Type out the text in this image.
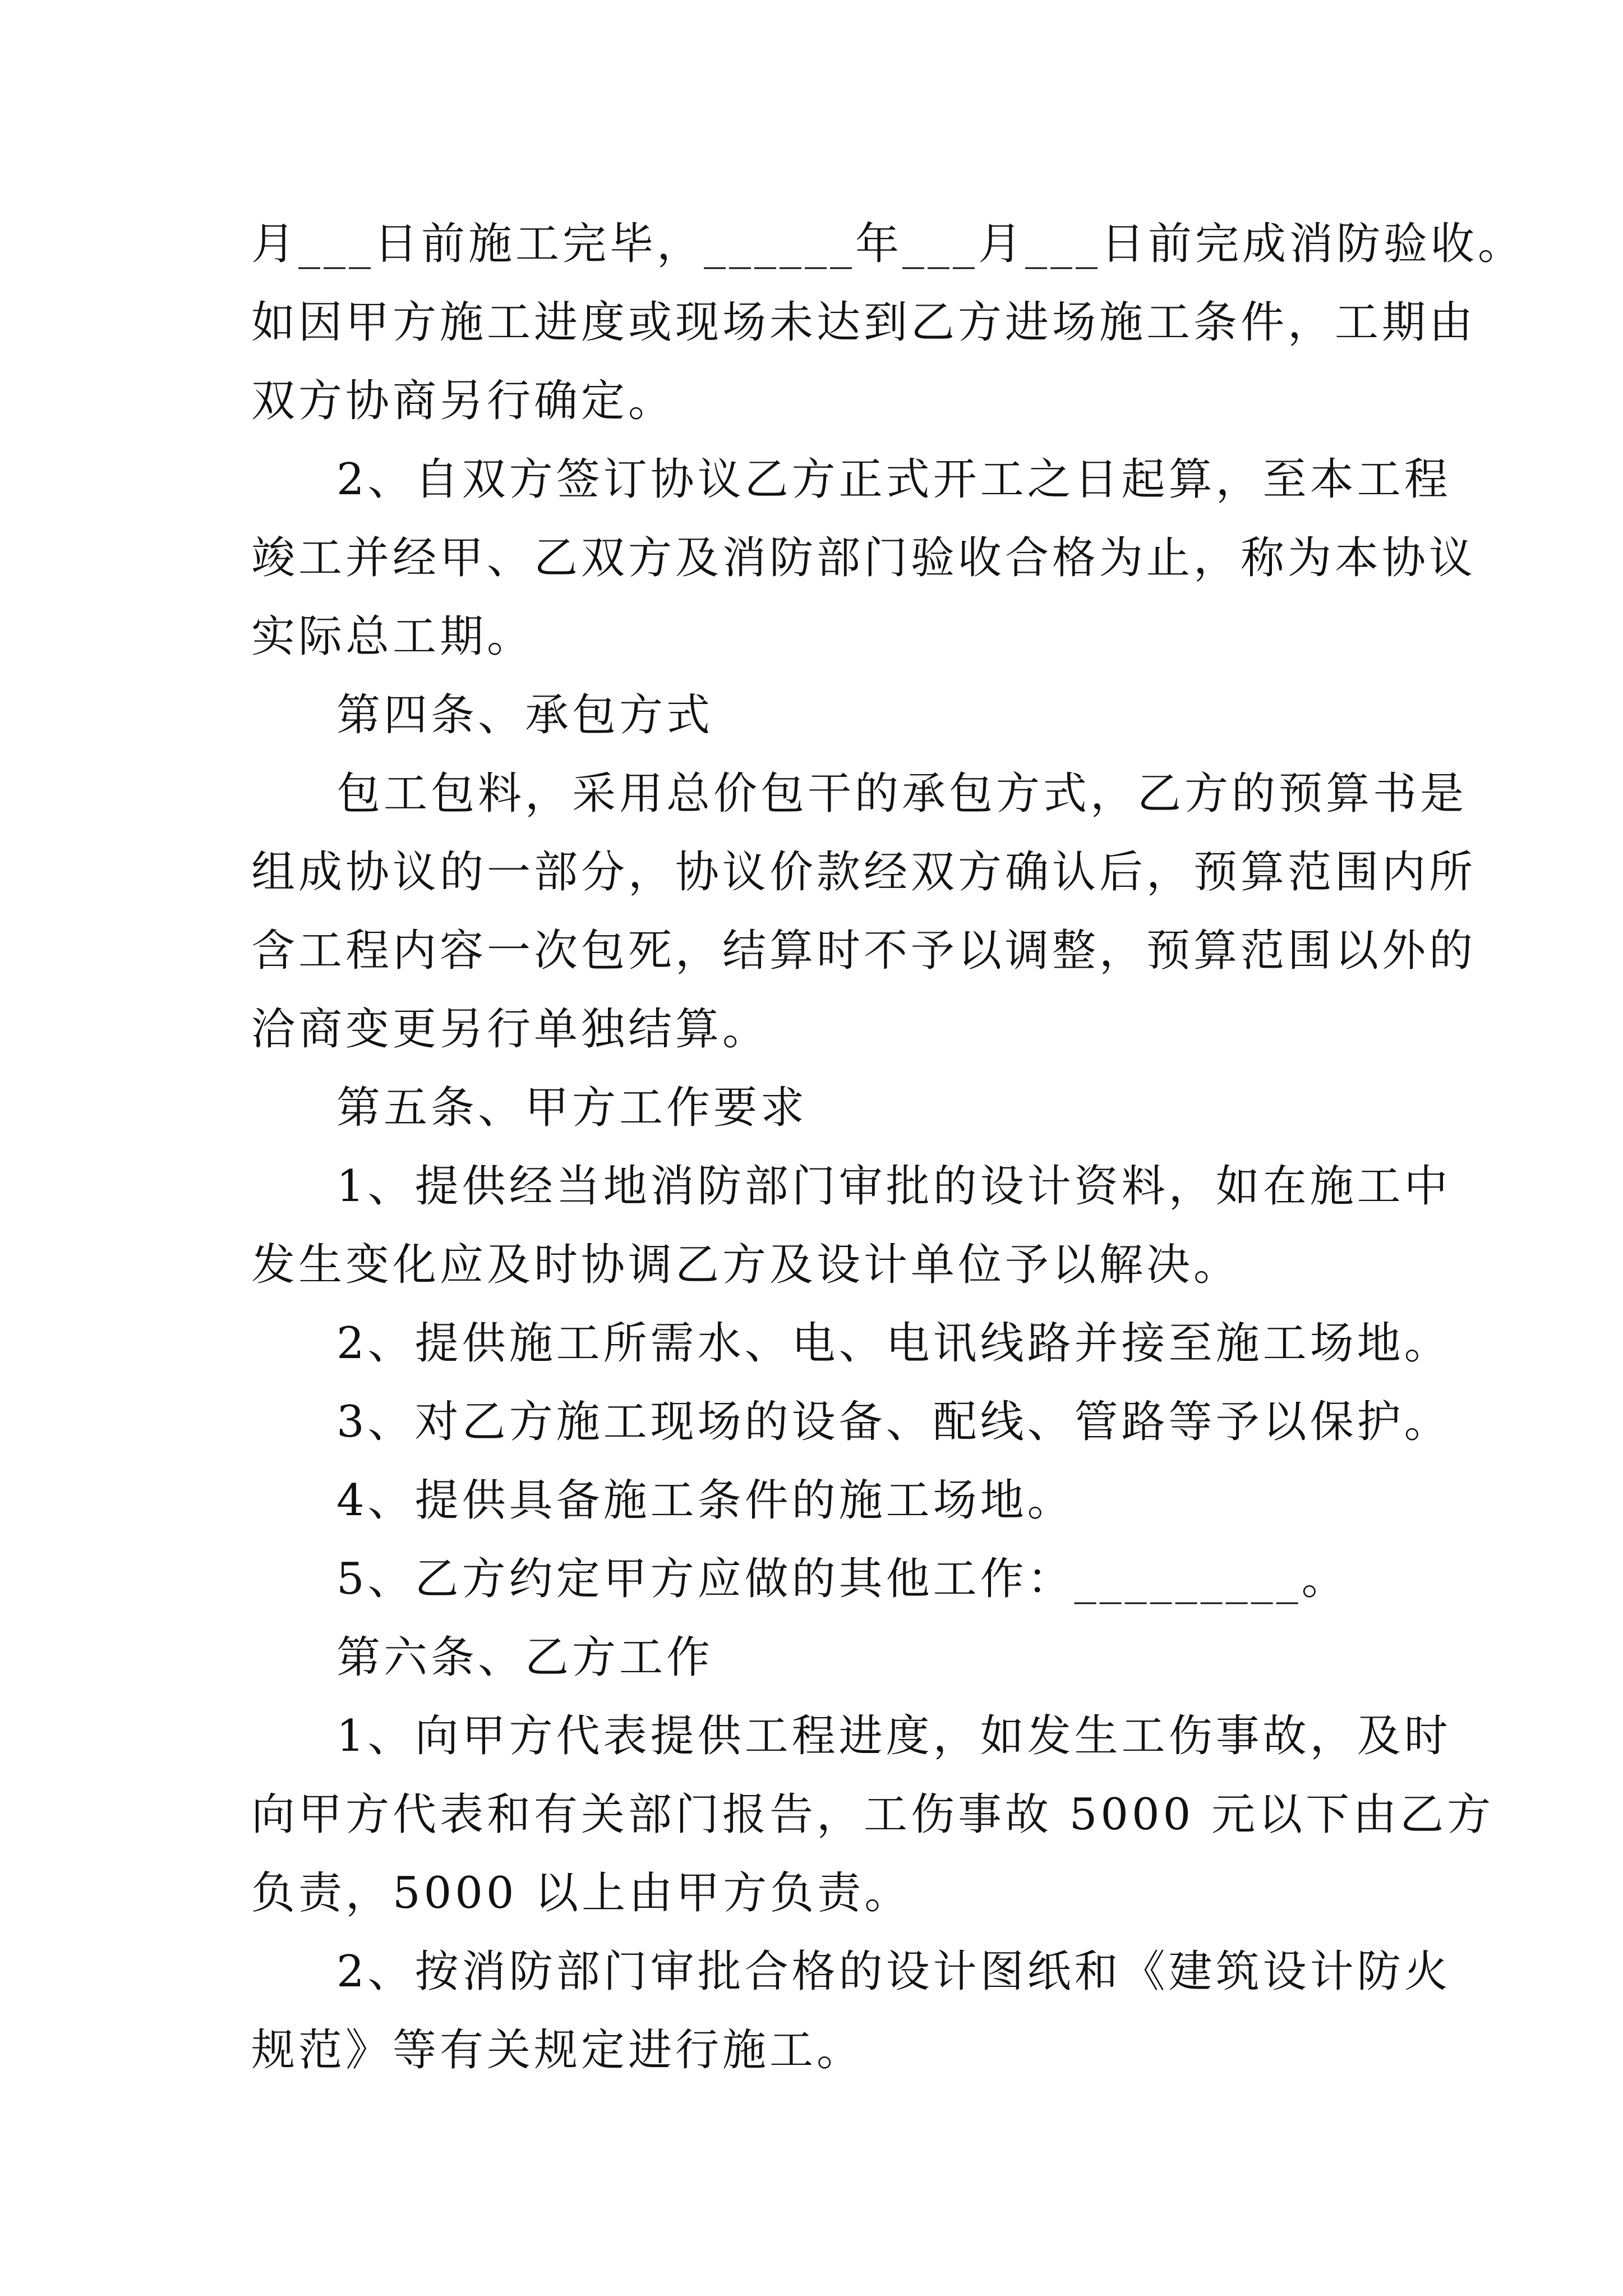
月___日前施工完毕，______年___月___日前完成消防验收。
如因甲方施工进度或现场未达到乙方进场施工条件，工期由
双方协商另行确定。
2、自双方签订协议乙方正式开工之日起算，至本工程
竣工并经甲、乙双方及消防部门验收合格为止，称为本协议
实际总工期。
第四条、承包方式
包工包料，采用总价包干的承包方式，乙方的预算书是
组成协议的一部分，协议价款经双方确认后，预算范围内所
含工程内容一次包死，结算时不予以调整，预算范围以外的
洽商变更另行单独结算。
第五条、甲方工作要求
1、提供经当地消防部门审批的设计资料，如在施工中
发生变化应及时协调乙方及设计单位予以解决。
2、提供施工所需水、电、电讯线路并接至施工场地。
3、对乙方施工现场的设备、配线、管路等予以保护。
4、提供具备施工条件的施工场地。
5、乙方约定甲方应做的其他工作：_________。
第六条、乙方工作
1、向甲方代表提供工程进度，如发生工伤事故，及时
向甲方代表和有关部门报告，工伤事故 5000 元以下由乙方
负责，5000 以上由甲方负责。
2、按消防部门审批合格的设计图纸和《建筑设计防火
规范》等有关规定进行施工。
